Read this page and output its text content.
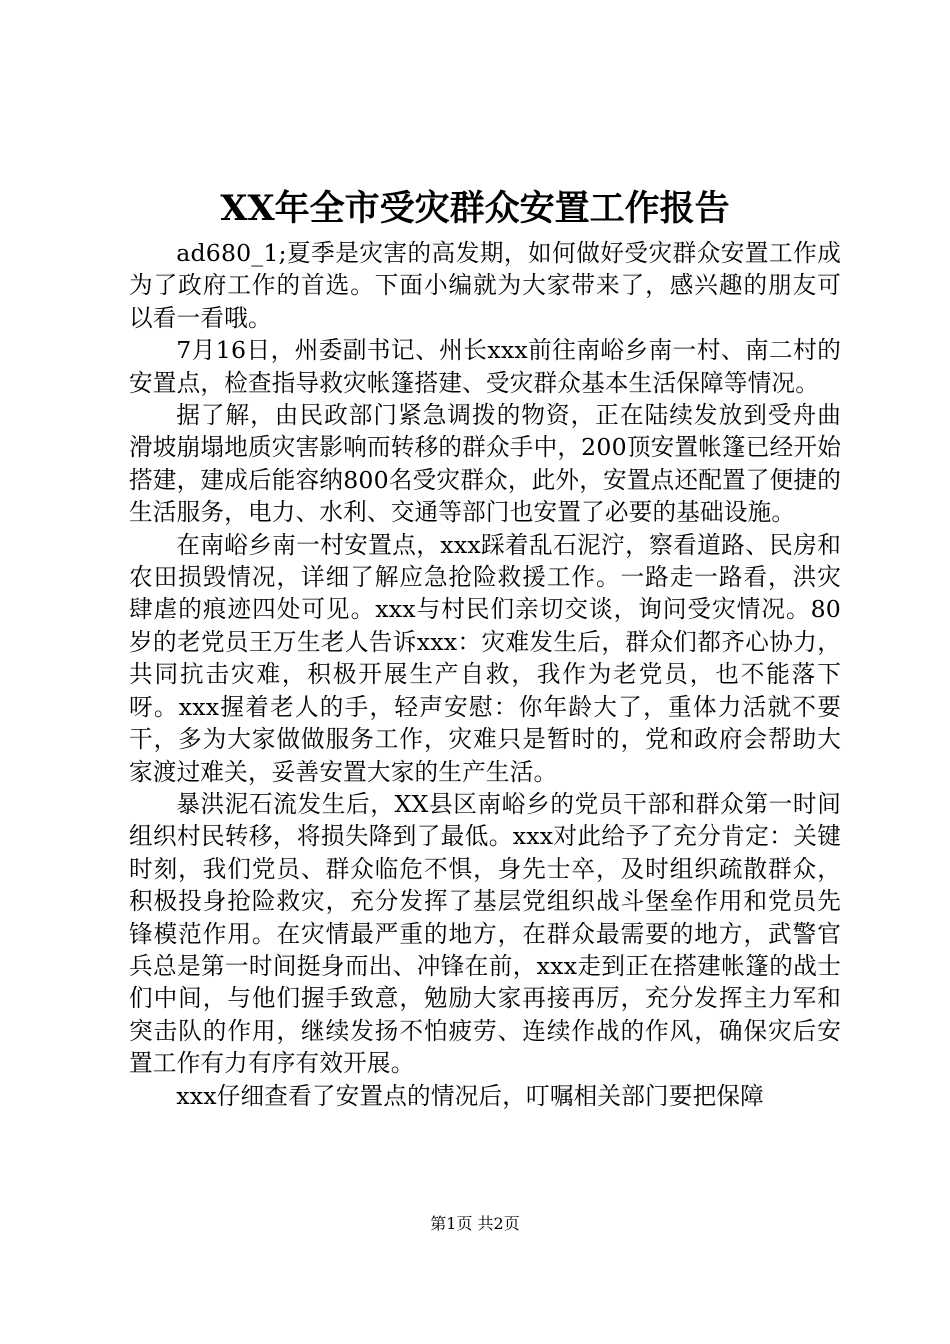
XX年全市受灾群众安置工作报告

ad680_1;夏季是灾害的高发期，如何做好受灾群众安置工作成为了政府工作的首选。下面小编就为大家带来了，感兴趣的朋友可以看一看哦。

7月16日，州委副书记、州长xxx前往南峪乡南一村、南二村的安置点，检查指导救灾帐篷搭建、受灾群众基本生活保障等情况。

据了解，由民政部门紧急调拨的物资，正在陆续发放到受舟曲滑坡崩塌地质灾害影响而转移的群众手中，200顶安置帐篷已经开始搭建，建成后能容纳800名受灾群众，此外，安置点还配置了便捷的生活服务，电力、水利、交通等部门也安置了必要的基础设施。

在南峪乡南一村安置点，xxx踩着乱石泥泞，察看道路、民房和农田损毁情况，详细了解应急抢险救援工作。一路走一路看，洪灾肆虐的痕迹四处可见。xxx与村民们亲切交谈，询问受灾情况。80岁的老党员王万生老人告诉xxx：灾难发生后，群众们都齐心协力，共同抗击灾难，积极开展生产自救，我作为老党员，也不能落下呀。xxx握着老人的手，轻声安慰：你年龄大了，重体力活就不要干，多为大家做做服务工作，灾难只是暂时的，党和政府会帮助大家渡过难关，妥善安置大家的生产生活。

暴洪泥石流发生后，XX县区南峪乡的党员干部和群众第一时间组织村民转移，将损失降到了最低。xxx对此给予了充分肯定：关键时刻，我们党员、群众临危不惧，身先士卒，及时组织疏散群众，积极投身抢险救灾，充分发挥了基层党组织战斗堡垒作用和党员先锋模范作用。在灾情最严重的地方，在群众最需要的地方，武警官兵总是第一时间挺身而出、冲锋在前，xxx走到正在搭建帐篷的战士们中间，与他们握手致意，勉励大家再接再厉，充分发挥主力军和突击队的作用，继续发扬不怕疲劳、连续作战的作风，确保灾后安置工作有力有序有效开展。

xxx仔细查看了安置点的情况后，叮嘱相关部门要把保障

第1页 共2页
